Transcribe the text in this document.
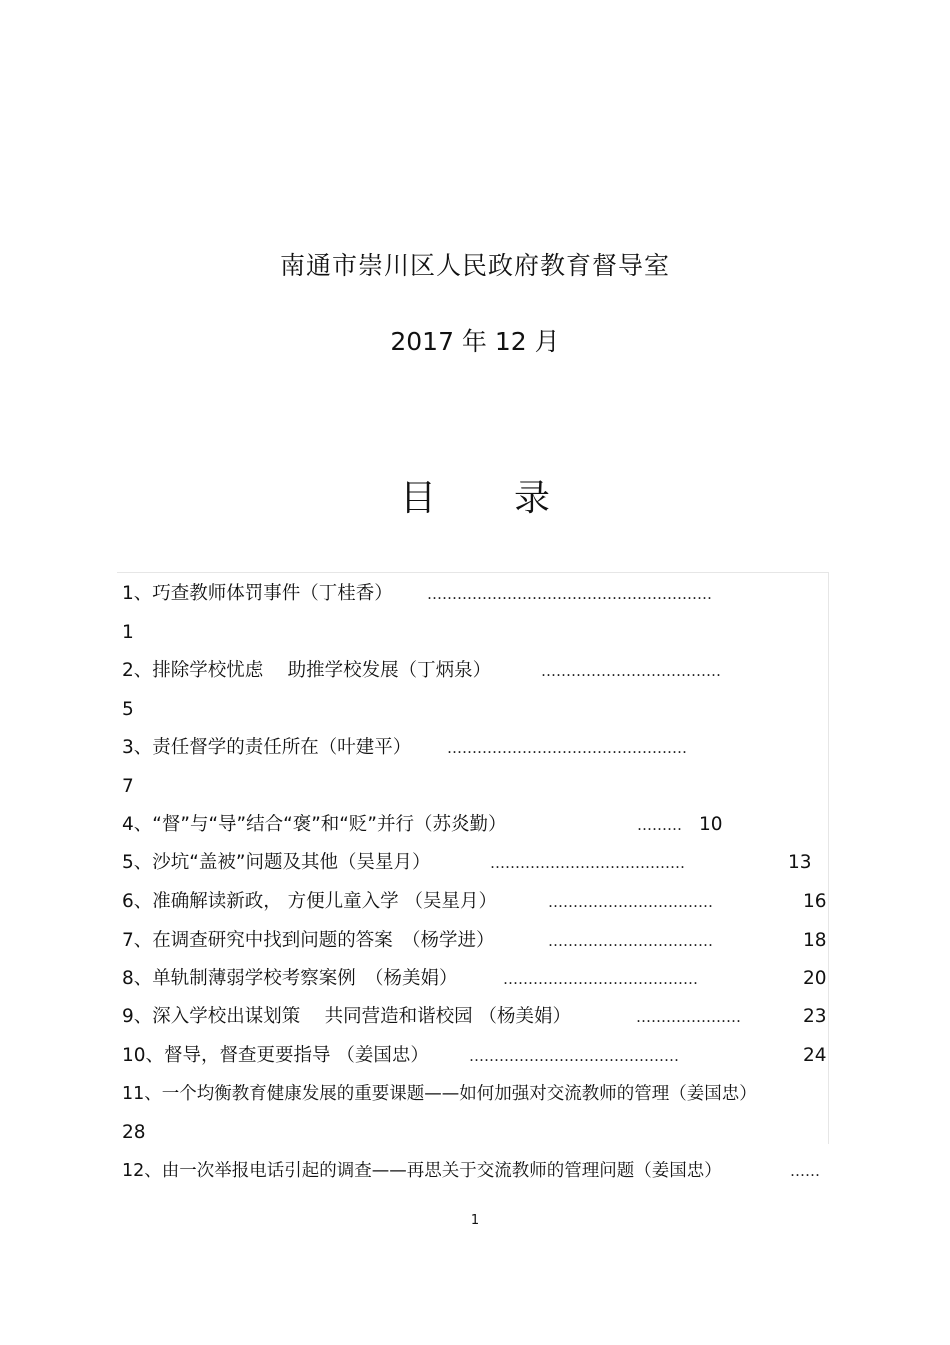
南通市崇川区人民政府教育督导室
2017 年 12 月
目 录
1、巧查教师体罚事件（丁桂香） …………………………………………………
1
2、排除学校忧虑　 助推学校发展（丁炳泉）	………………………………
5
3、责任督学的责任所在（叶建平） …………………………………………
7
4、“督”与“导”结合“褒”和“贬”并行（苏炎勤）	……… 10
5、沙坑“盖被”问题及其他（吴星月）	…………………………………	13
6、准确解读新政， 方便儿童入学 （吴星月）	……………………………	16
7、在调查研究中找到问题的答案　（杨学进）	……………………………	18
8、单轨制薄弱学校考察案例　（杨美娟）	…………………………………	20
9、深入学校出谋划策　 共同营造和谐校园 （杨美娟）	…………………	23
10、督导，督查更要指导 （姜国忠）	……………………………………	24
11、一个均衡教育健康发展的重要课题——如何加强对交流教师的管理（姜国忠）
28
12、由一次举报电话引起的调查——再思关于交流教师的管理问题（姜国忠）	……
1
